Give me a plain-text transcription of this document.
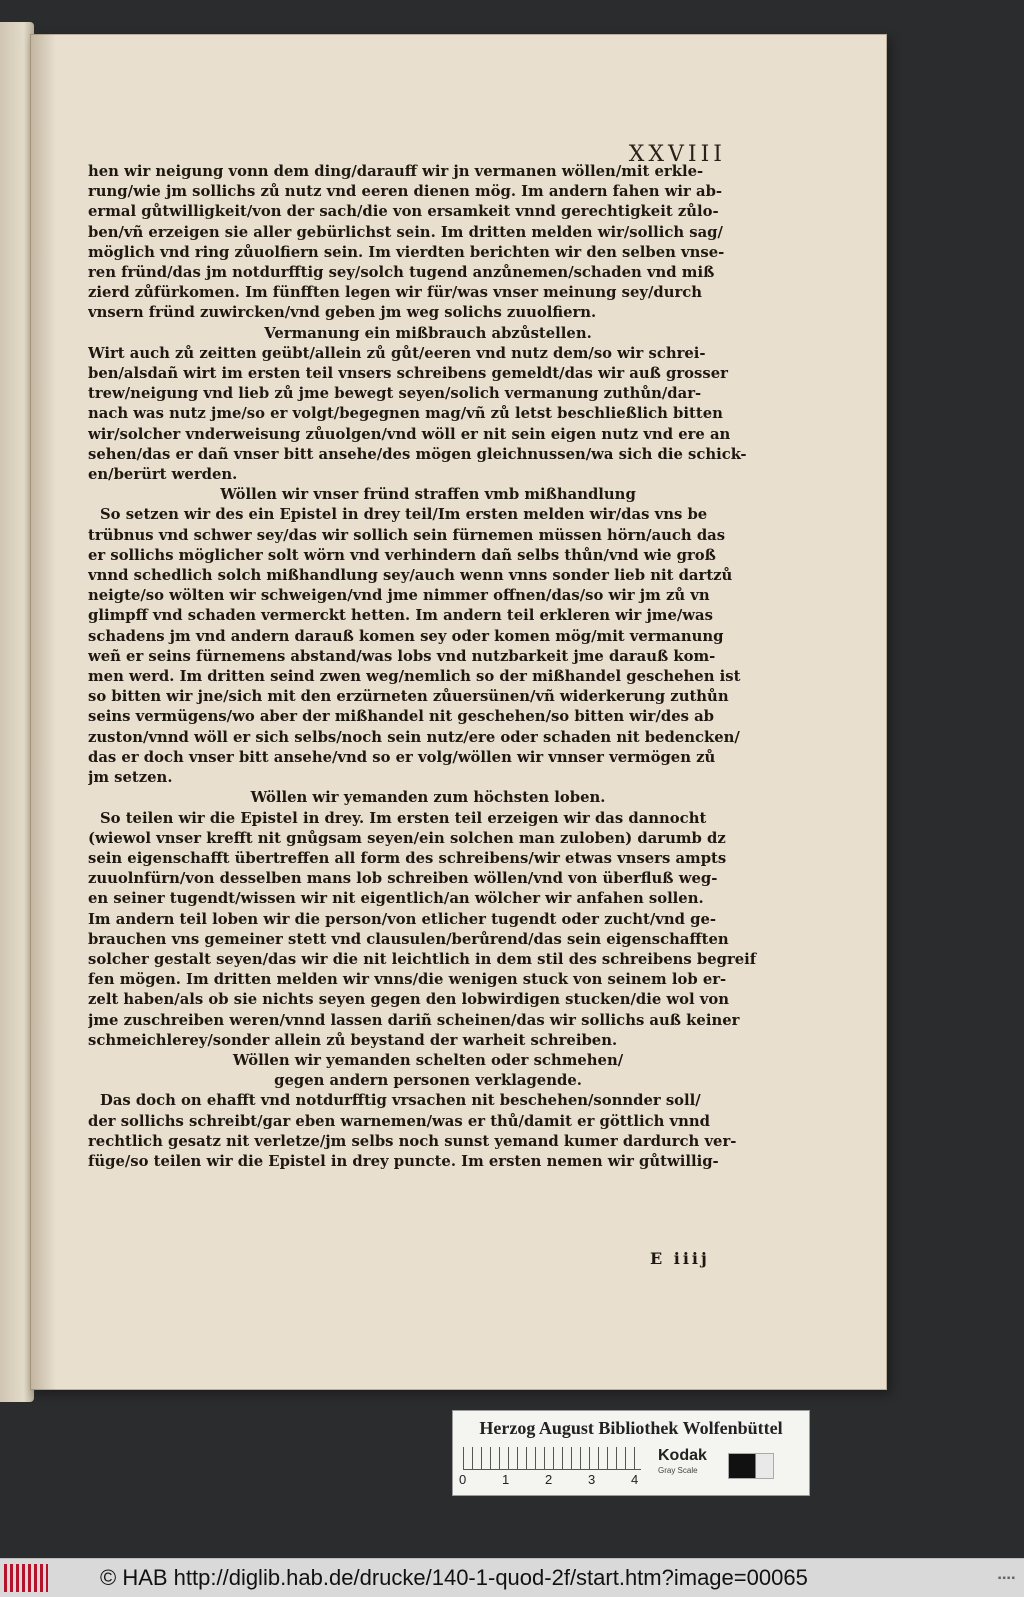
XXVIII
hen wir neigung vonn dem ding/darauff wir jn vermanen wöllen/mit erkle-
rung/wie jm sollichs zů nutz vnd eeren dienen mög. Im andern fahen wir ab-
ermal gůtwilligkeit/von der sach/die von ersamkeit vnnd gerechtigkeit zůlo-
ben/vñ erzeigen sie aller gebürlichst sein. Im dritten melden wir/sollich sag/
möglich vnd ring zůuolfiern sein. Im vierdten berichten wir den selben vnse-
ren fründ/das jm notdurfftig sey/solch tugend anzůnemen/schaden vnd miß
zierd zůfürkomen. Im fünfften legen wir für/was vnser meinung sey/durch
vnsern fründ zuwircken/vnd geben jm weg solichs zuuolfiern.
Vermanung ein mißbrauch abzůstellen.
Wirt auch zů zeitten geübt/allein zů gůt/eeren vnd nutz dem/so wir schrei-
ben/alsdañ wirt im ersten teil vnsers schreibens gemeldt/das wir auß grosser
trew/neigung vnd lieb zů jme bewegt seyen/solich vermanung zuthůn/dar-
nach was nutz jme/so er volgt/begegnen mag/vñ zů letst beschließlich bitten
wir/solcher vnderweisung zůuolgen/vnd wöll er nit sein eigen nutz vnd ere an
sehen/das er dañ vnser bitt ansehe/des mögen gleichnussen/wa sich die schick-
en/berürt werden.
Wöllen wir vnser fründ straffen vmb mißhandlung
So setzen wir des ein Epistel in drey teil/Im ersten melden wir/das vns be
trübnus vnd schwer sey/das wir sollich sein fürnemen müssen hörn/auch das
er sollichs möglicher solt wörn vnd verhindern dañ selbs thůn/vnd wie groß
vnnd schedlich solch mißhandlung sey/auch wenn vnns sonder lieb nit dartzů
neigte/so wölten wir schweigen/vnd jme nimmer offnen/das/so wir jm zů vn
glimpff vnd schaden vermerckt hetten. Im andern teil erkleren wir jme/was
schadens jm vnd andern darauß komen sey oder komen mög/mit vermanung
weñ er seins fürnemens abstand/was lobs vnd nutzbarkeit jme darauß kom-
men werd. Im dritten seind zwen weg/nemlich so der mißhandel geschehen ist
so bitten wir jne/sich mit den erzürneten zůuersünen/vñ widerkerung zuthůn
seins vermügens/wo aber der mißhandel nit geschehen/so bitten wir/des ab
zuston/vnnd wöll er sich selbs/noch sein nutz/ere oder schaden nit bedencken/
das er doch vnser bitt ansehe/vnd so er volg/wöllen wir vnnser vermögen zů
jm setzen.
Wöllen wir yemanden zum höchsten loben.
So teilen wir die Epistel in drey. Im ersten teil erzeigen wir das dannocht
(wiewol vnser krefft nit gnůgsam seyen/ein solchen man zuloben) darumb dz
sein eigenschafft übertreffen all form des schreibens/wir etwas vnsers ampts
zuuolnfürn/von desselben mans lob schreiben wöllen/vnd von überfluß weg-
en seiner tugendt/wissen wir nit eigentlich/an wölcher wir anfahen sollen.
Im andern teil loben wir die person/von etlicher tugendt oder zucht/vnd ge-
brauchen vns gemeiner stett vnd clausulen/berůrend/das sein eigenschafften
solcher gestalt seyen/das wir die nit leichtlich in dem stil des schreibens begreif
fen mögen. Im dritten melden wir vnns/die wenigen stuck von seinem lob er-
zelt haben/als ob sie nichts seyen gegen den lobwirdigen stucken/die wol von
jme zuschreiben weren/vnnd lassen dariñ scheinen/das wir sollichs auß keiner
schmeichlerey/sonder allein zů beystand der warheit schreiben.
Wöllen wir yemanden schelten oder schmehen/
gegen andern personen verklagende.
Das doch on ehafft vnd notdurfftig vrsachen nit beschehen/sonnder soll/
der sollichs schreibt/gar eben warnemen/was er thů/damit er göttlich vnnd
rechtlich gesatz nit verletze/jm selbs noch sunst yemand kumer dardurch ver-
füge/so teilen wir die Epistel in drey puncte. Im ersten nemen wir gůtwillig-
E iiij
Herzog August Bibliothek Wolfenbüttel
0	1	2	3	4
Kodak
Gray Scale
© HAB http://diglib.hab.de/drucke/140-1-quod-2f/start.htm?image=00065	▪▪▪▪
